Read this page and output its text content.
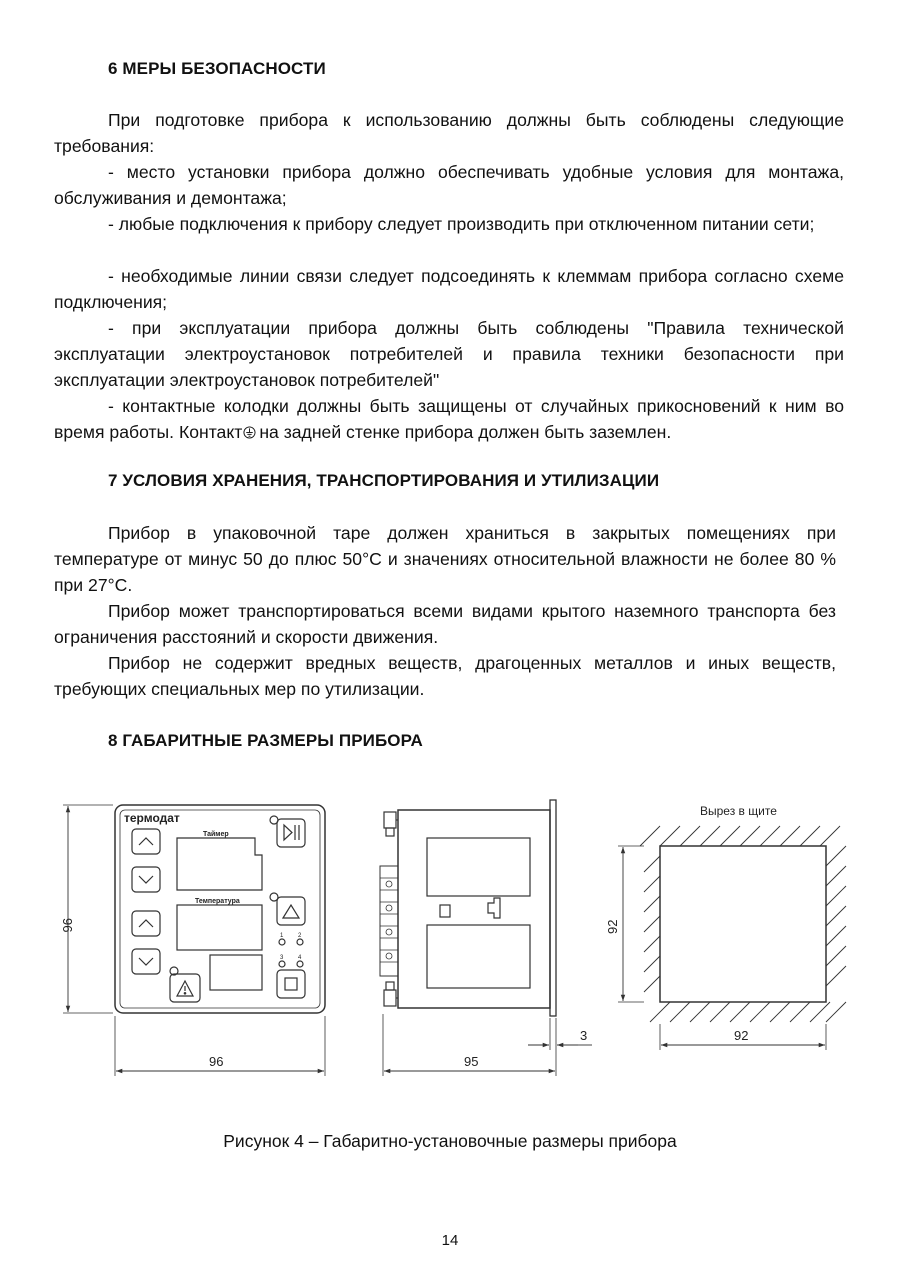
6 МЕРЫ БЕЗОПАСНОСТИ

При подготовке прибора к использованию должны быть соблюдены следующие требования:

- место установки прибора должно обеспечивать удобные условия для монтажа, обслуживания и демонтажа;

- любые подключения к прибору следует производить при отключенном питании сети;

- необходимые линии связи следует подсоединять к клеммам прибора согласно схеме подключения;

- при эксплуатации прибора должны быть соблюдены "Правила технической эксплуатации электроустановок потребителей и правила техники безопасности при эксплуатации электроустановок потребителей"

- контактные колодки должны быть защищены от случайных прикосновений к ним во время работы. Контакт на задней стенке прибора должен быть заземлен.

7 УСЛОВИЯ ХРАНЕНИЯ, ТРАНСПОРТИРОВАНИЯ И УТИЛИЗАЦИИ

Прибор в упаковочной таре должен храниться в закрытых помещениях при температуре от минус 50 до плюс 50°С и значениях относительной влажности не более 80 % при 27°С.

Прибор может транспортироваться всеми видами крытого наземного транспорта без ограничения расстояний и скорости движения.

Прибор не содержит вредных веществ, драгоценных металлов и иных веществ, требующих специальных мер по утилизации.

8 ГАБАРИТНЫЕ РАЗМЕРЫ ПРИБОРА
термодат
Таймер
Температура
1 2
3 4
96
96	95
3
Вырез в щите
92
92

Рисунок 4 – Габаритно-установочные размеры прибора

14
